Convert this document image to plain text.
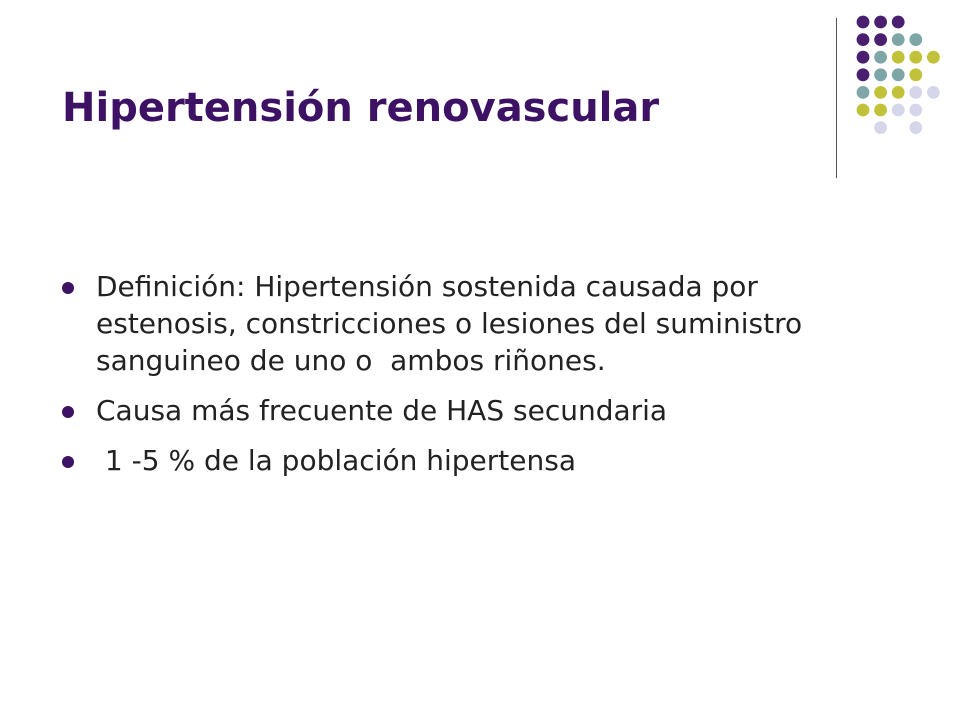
Hipertensión renovascular
Definición: Hipertensión sostenida causada por estenosis, constricciones o lesiones del suministro sanguineo de uno o  ambos riñones.
Causa más frecuente de HAS secundaria
1 -5 % de la población hipertensa
